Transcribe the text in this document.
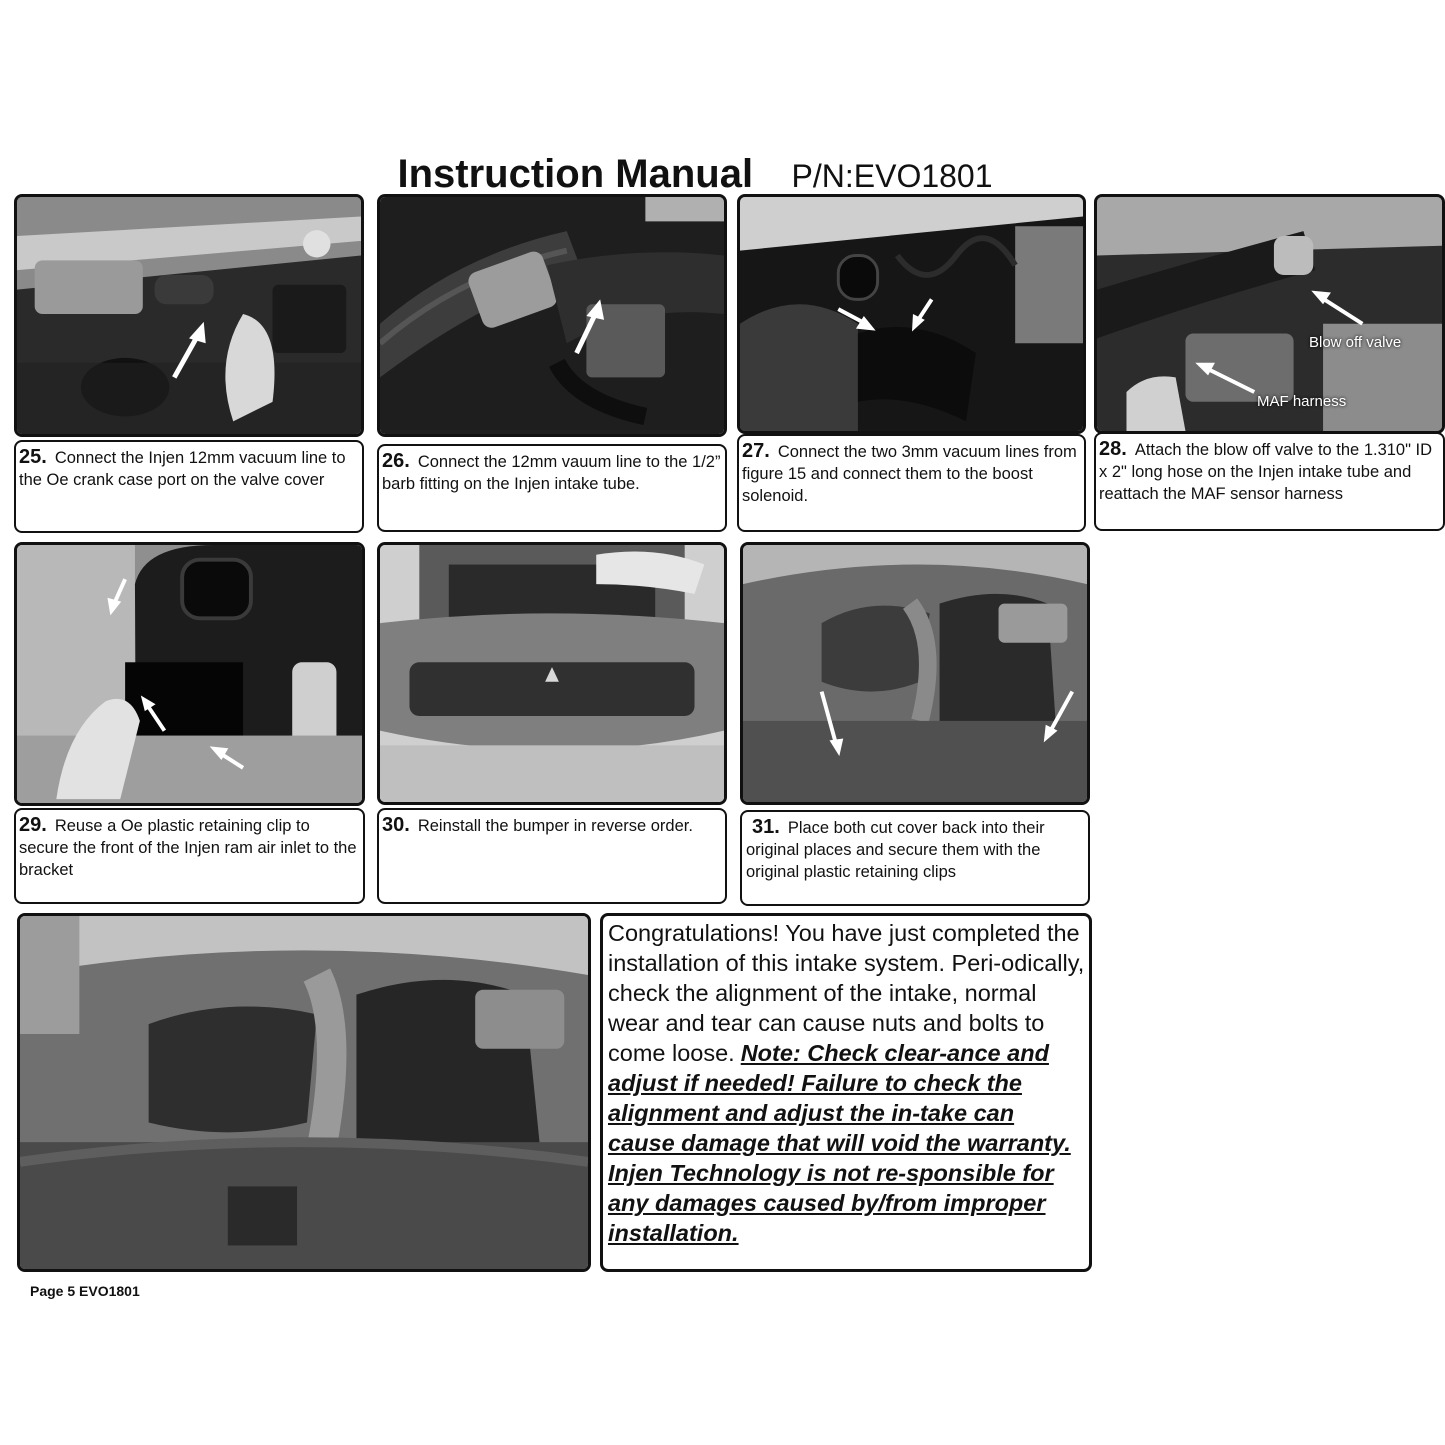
Instruction Manual P/N:EVO1801
Blow off valve
MAF harness
25. Connect the Injen 12mm vacuum line to the Oe crank case port on the valve cover
26. Connect the 12mm vauum line to the 1/2” barb fitting on the Injen intake tube.
27. Connect the two 3mm vacuum lines from figure 15 and connect them to the boost solenoid.
28. Attach the blow off valve to the 1.310" ID x 2" long hose on the Injen intake tube and reattach the MAF sensor harness
29. Reuse a Oe plastic retaining clip to secure the front of the Injen ram air inlet to the bracket
30. Reinstall the bumper in reverse order.	31. Place both cut cover back into their original places and secure them with the original plastic retaining clips
Congratulations! You have just completed the installation of this intake system. Peri-odically, check the alignment of the intake, normal wear and tear can cause nuts and bolts to come loose. Note: Check clear-ance and adjust if needed! Failure to check the alignment and adjust the in-take can cause damage that will void the warranty. Injen Technology is not re-sponsible for any damages caused by/from improper installation.
Page 5 EVO1801
